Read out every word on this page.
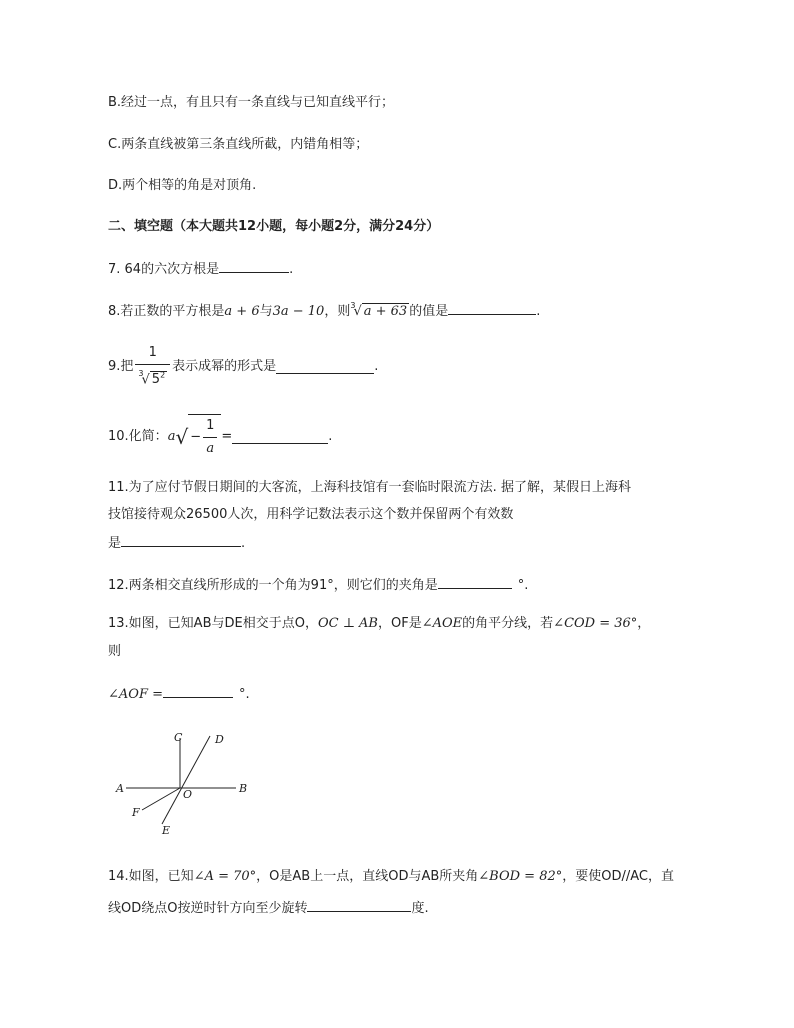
B.经过一点，有且只有一条直线与已知直线平行；
C.两条直线被第三条直线所截，内错角相等；
D.两个相等的角是对顶角.
二、填空题（本大题共12小题，每小题2分，满分24分）
7. 64的六次方根是	.
8.若正数的平方根是a + 6与3a − 10，则$^3$√ a + 63 的值是	.
9.把 $\frac{1}{^3√ 5^2}$ 表示成幂的形式是	.
10.化简：$a√ - \frac{1}{a}$ =	.
11.为了应付节假日期间的大客流，上海科技馆有一套临时限流方法. 据了解，某假日上海科
技馆接待观众26500人次，用科学记数法表示这个数并保留两个有效数
是	.
12.两条相交直线所形成的一个角为91°，则它们的夹角是	°.
13.如图，已知AB与DE相交于点O，OC ⊥ AB，OF是∠AOE的角平分线，若∠COD = 36°，
则
∠AOF =	°.
C	D
A	B
O
F
E
14.如图，已知∠A = 70°，O是AB上一点，直线OD与AB所夹角∠BOD = 82°，要使OD//AC，直
线OD绕点O按逆时针方向至少旋转	度.
